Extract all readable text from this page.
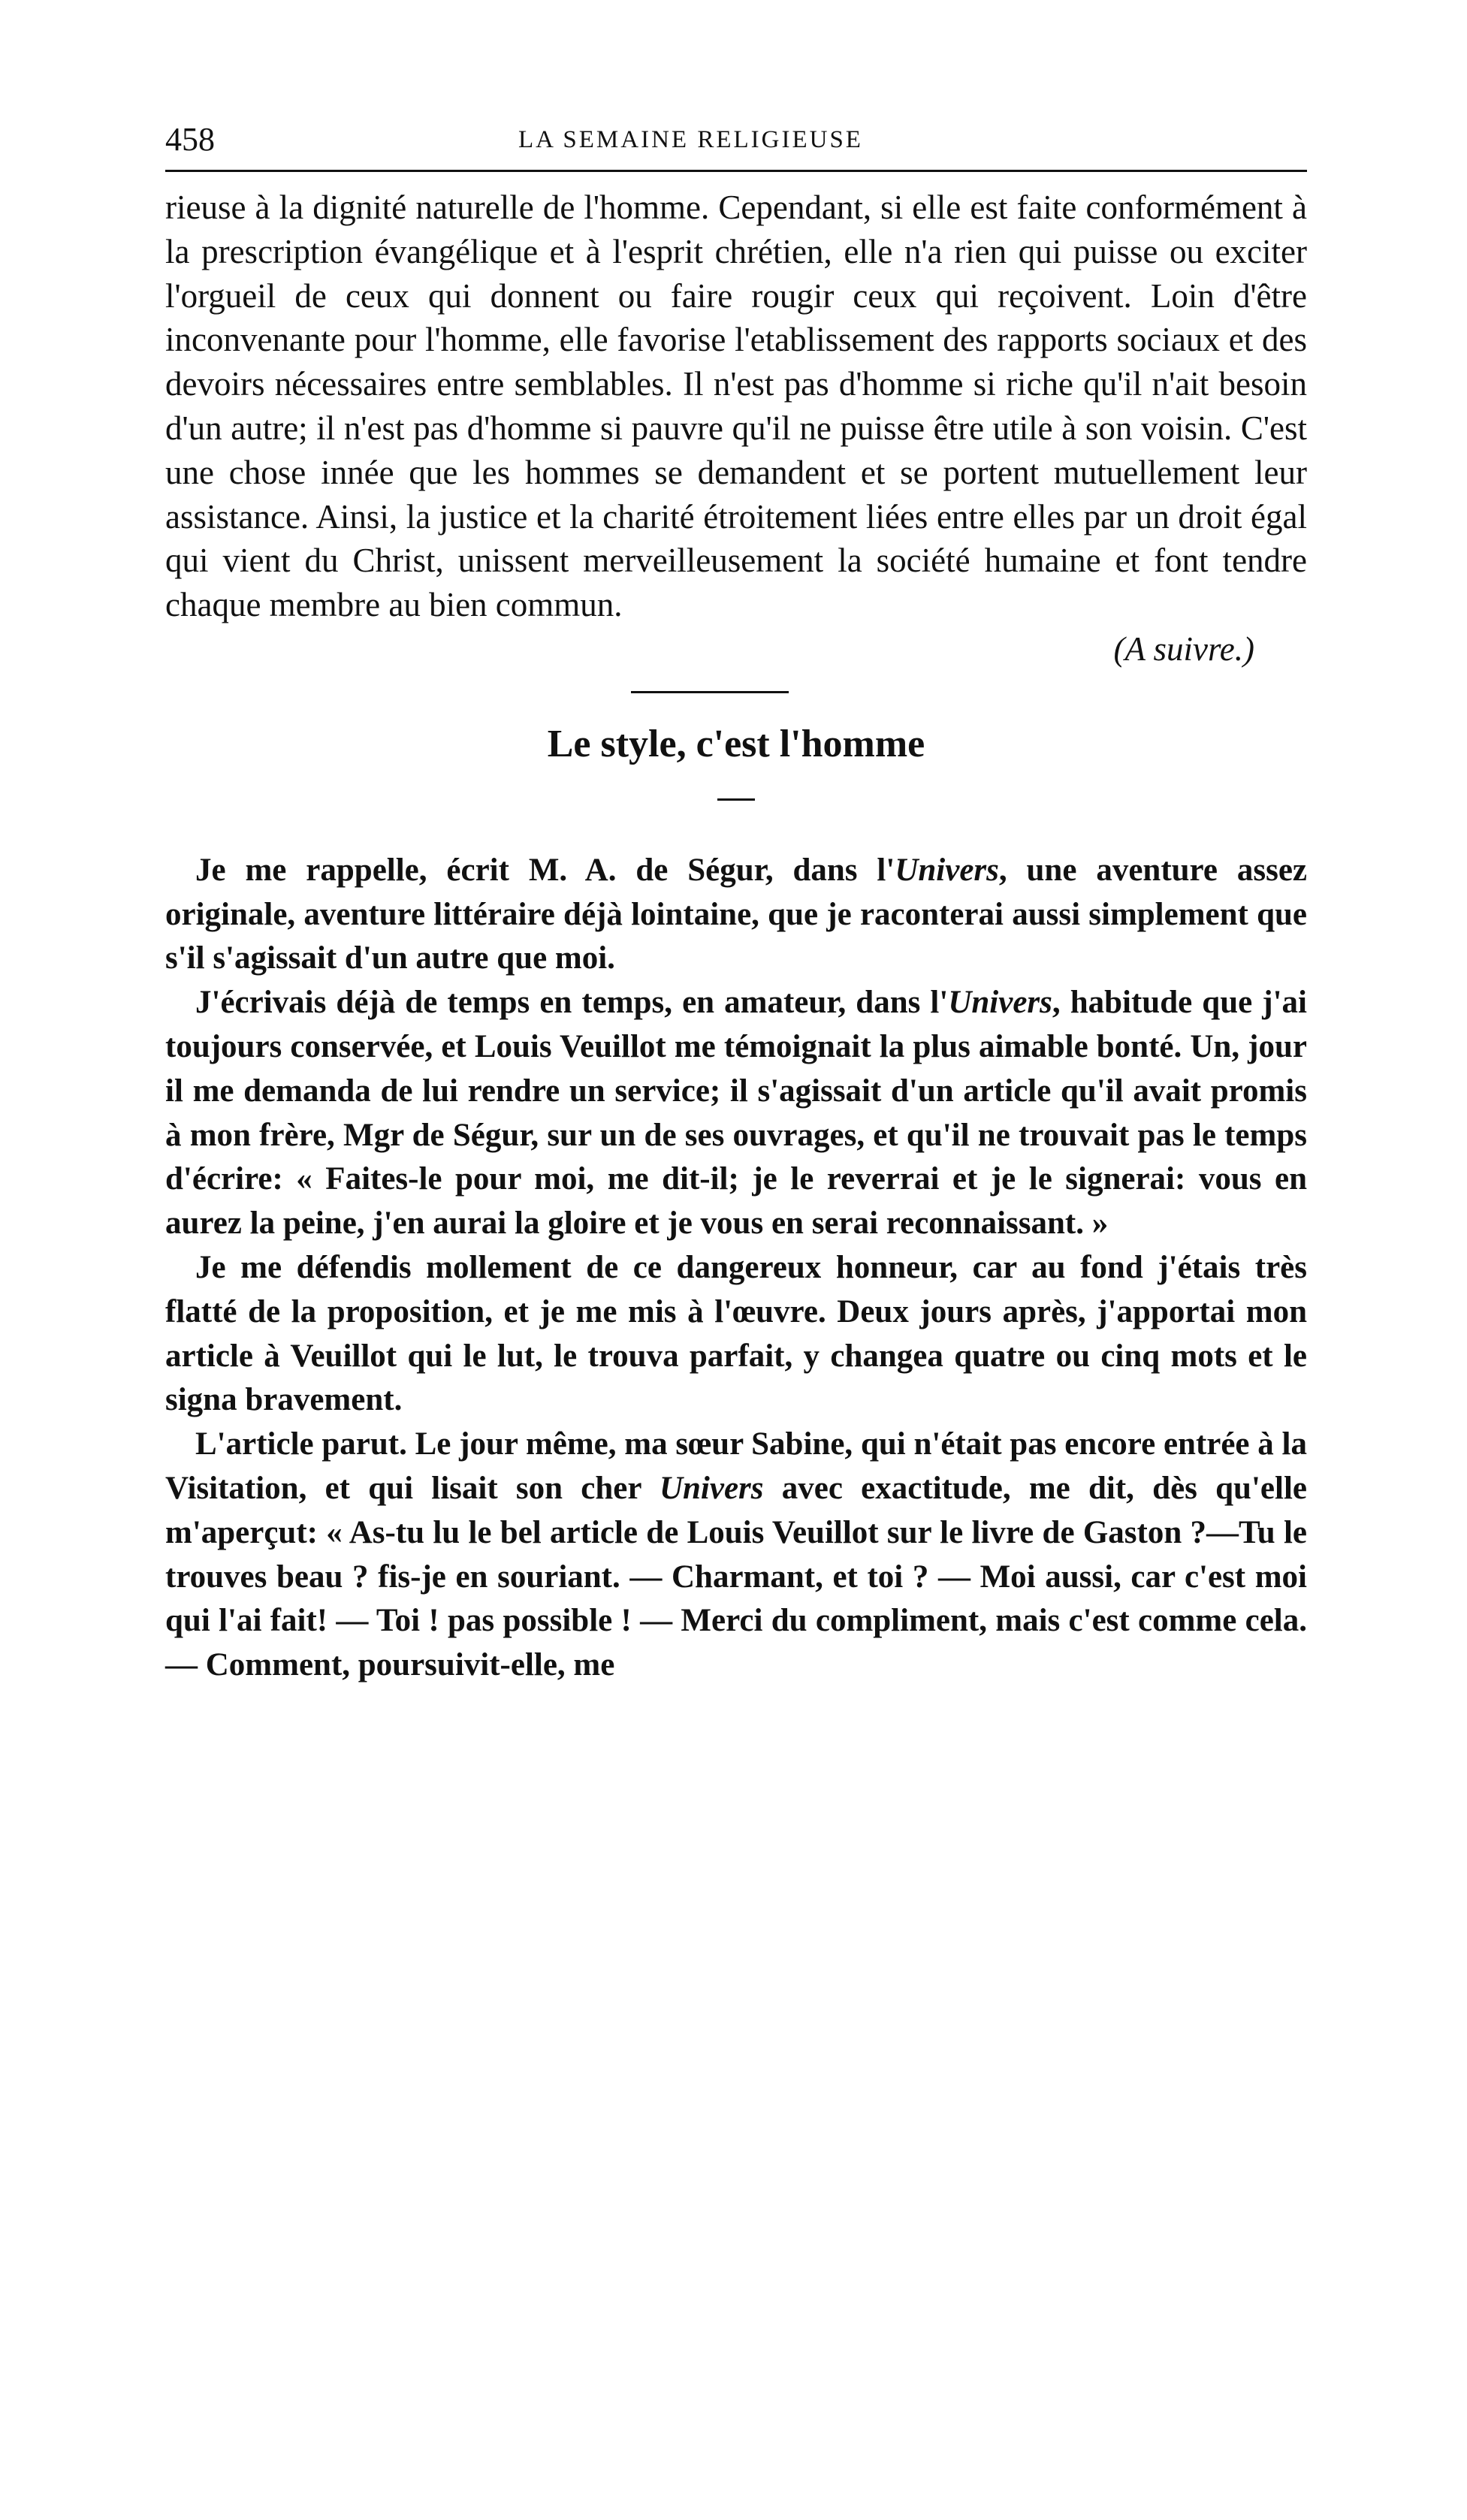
458	LA SEMAINE RELIGIEUSE

rieuse à la dignité naturelle de l'homme. Cependant, si elle est faite conformément à la prescription évangélique et à l'esprit chrétien, elle n'a rien qui puisse ou exciter l'orgueil de ceux qui donnent ou faire rougir ceux qui reçoivent. Loin d'être inconvenante pour l'homme, elle favorise l'etablissement des rapports sociaux et des devoirs nécessaires entre semblables. Il n'est pas d'homme si riche qu'il n'ait besoin d'un autre; il n'est pas d'homme si pauvre qu'il ne puisse être utile à son voisin. C'est une chose innée que les hommes se demandent et se portent mutuellement leur assistance. Ainsi, la justice et la charité étroitement liées entre elles par un droit égal qui vient du Christ, unissent merveilleusement la société humaine et font tendre chaque membre au bien commun.

(A suivre.)
Le style, c'est l'homme

Je me rappelle, écrit M. A. de Ségur, dans l'Univers, une aventure assez originale, aventure littéraire déjà lointaine, que je raconterai aussi simplement que s'il s'agissait d'un autre que moi.

J'écrivais déjà de temps en temps, en amateur, dans l'Univers, habitude que j'ai toujours conservée, et Louis Veuillot me témoignait la plus aimable bonté. Un, jour il me demanda de lui rendre un service; il s'agissait d'un article qu'il avait promis à mon frère, Mgr de Ségur, sur un de ses ouvrages, et qu'il ne trouvait pas le temps d'écrire: « Faites-le pour moi, me dit-il; je le reverrai et je le signerai: vous en aurez la peine, j'en aurai la gloire et je vous en serai reconnaissant. »

Je me défendis mollement de ce dangereux honneur, car au fond j'étais très flatté de la proposition, et je me mis à l'œuvre. Deux jours après, j'apportai mon article à Veuillot qui le lut, le trouva parfait, y changea quatre ou cinq mots et le signa bravement.

L'article parut. Le jour même, ma sœur Sabine, qui n'était pas encore entrée à la Visitation, et qui lisait son cher Univers avec exactitude, me dit, dès qu'elle m'aperçut: « As-tu lu le bel article de Louis Veuillot sur le livre de Gaston ?—Tu le trouves beau ? fis-je en souriant. — Charmant, et toi ? — Moi aussi, car c'est moi qui l'ai fait! — Toi ! pas possible ! — Merci du compliment, mais c'est comme cela. — Comment, poursuivit-elle, me
